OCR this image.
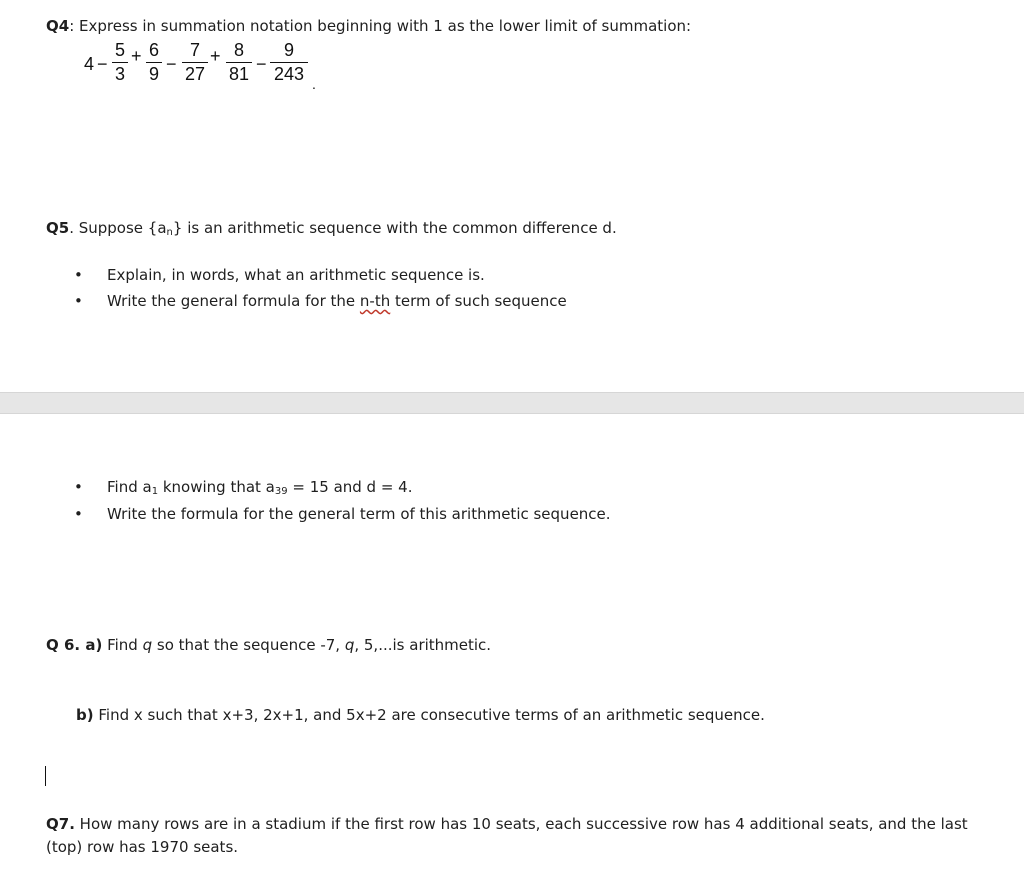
Q4: Express in summation notation beginning with 1 as the lower limit of summation:
4 −
5
3
+ 6
9 −
7
27
+ 8
81 −
9
243 .
Q5. Suppose $\{a_n\}$ is an arithmetic sequence with the common difference d.
• Explain, in words, what an arithmetic sequence is.
• Write the general formula for the n-th term of such sequence
• Find $a_1$ knowing that $a_{39} = 15$ and d = 4.
• Write the formula for the general term of this arithmetic sequence.
Q 6. a) Find q so that the sequence -7, q, 5,...is arithmetic.
b) Find x such that x+3, 2x+1, and 5x+2 are consecutive terms of an arithmetic sequence.
Q7. How many rows are in a stadium if the first row has 10 seats, each successive row has 4 additional seats, and the last
(top) row has 1970 seats.
